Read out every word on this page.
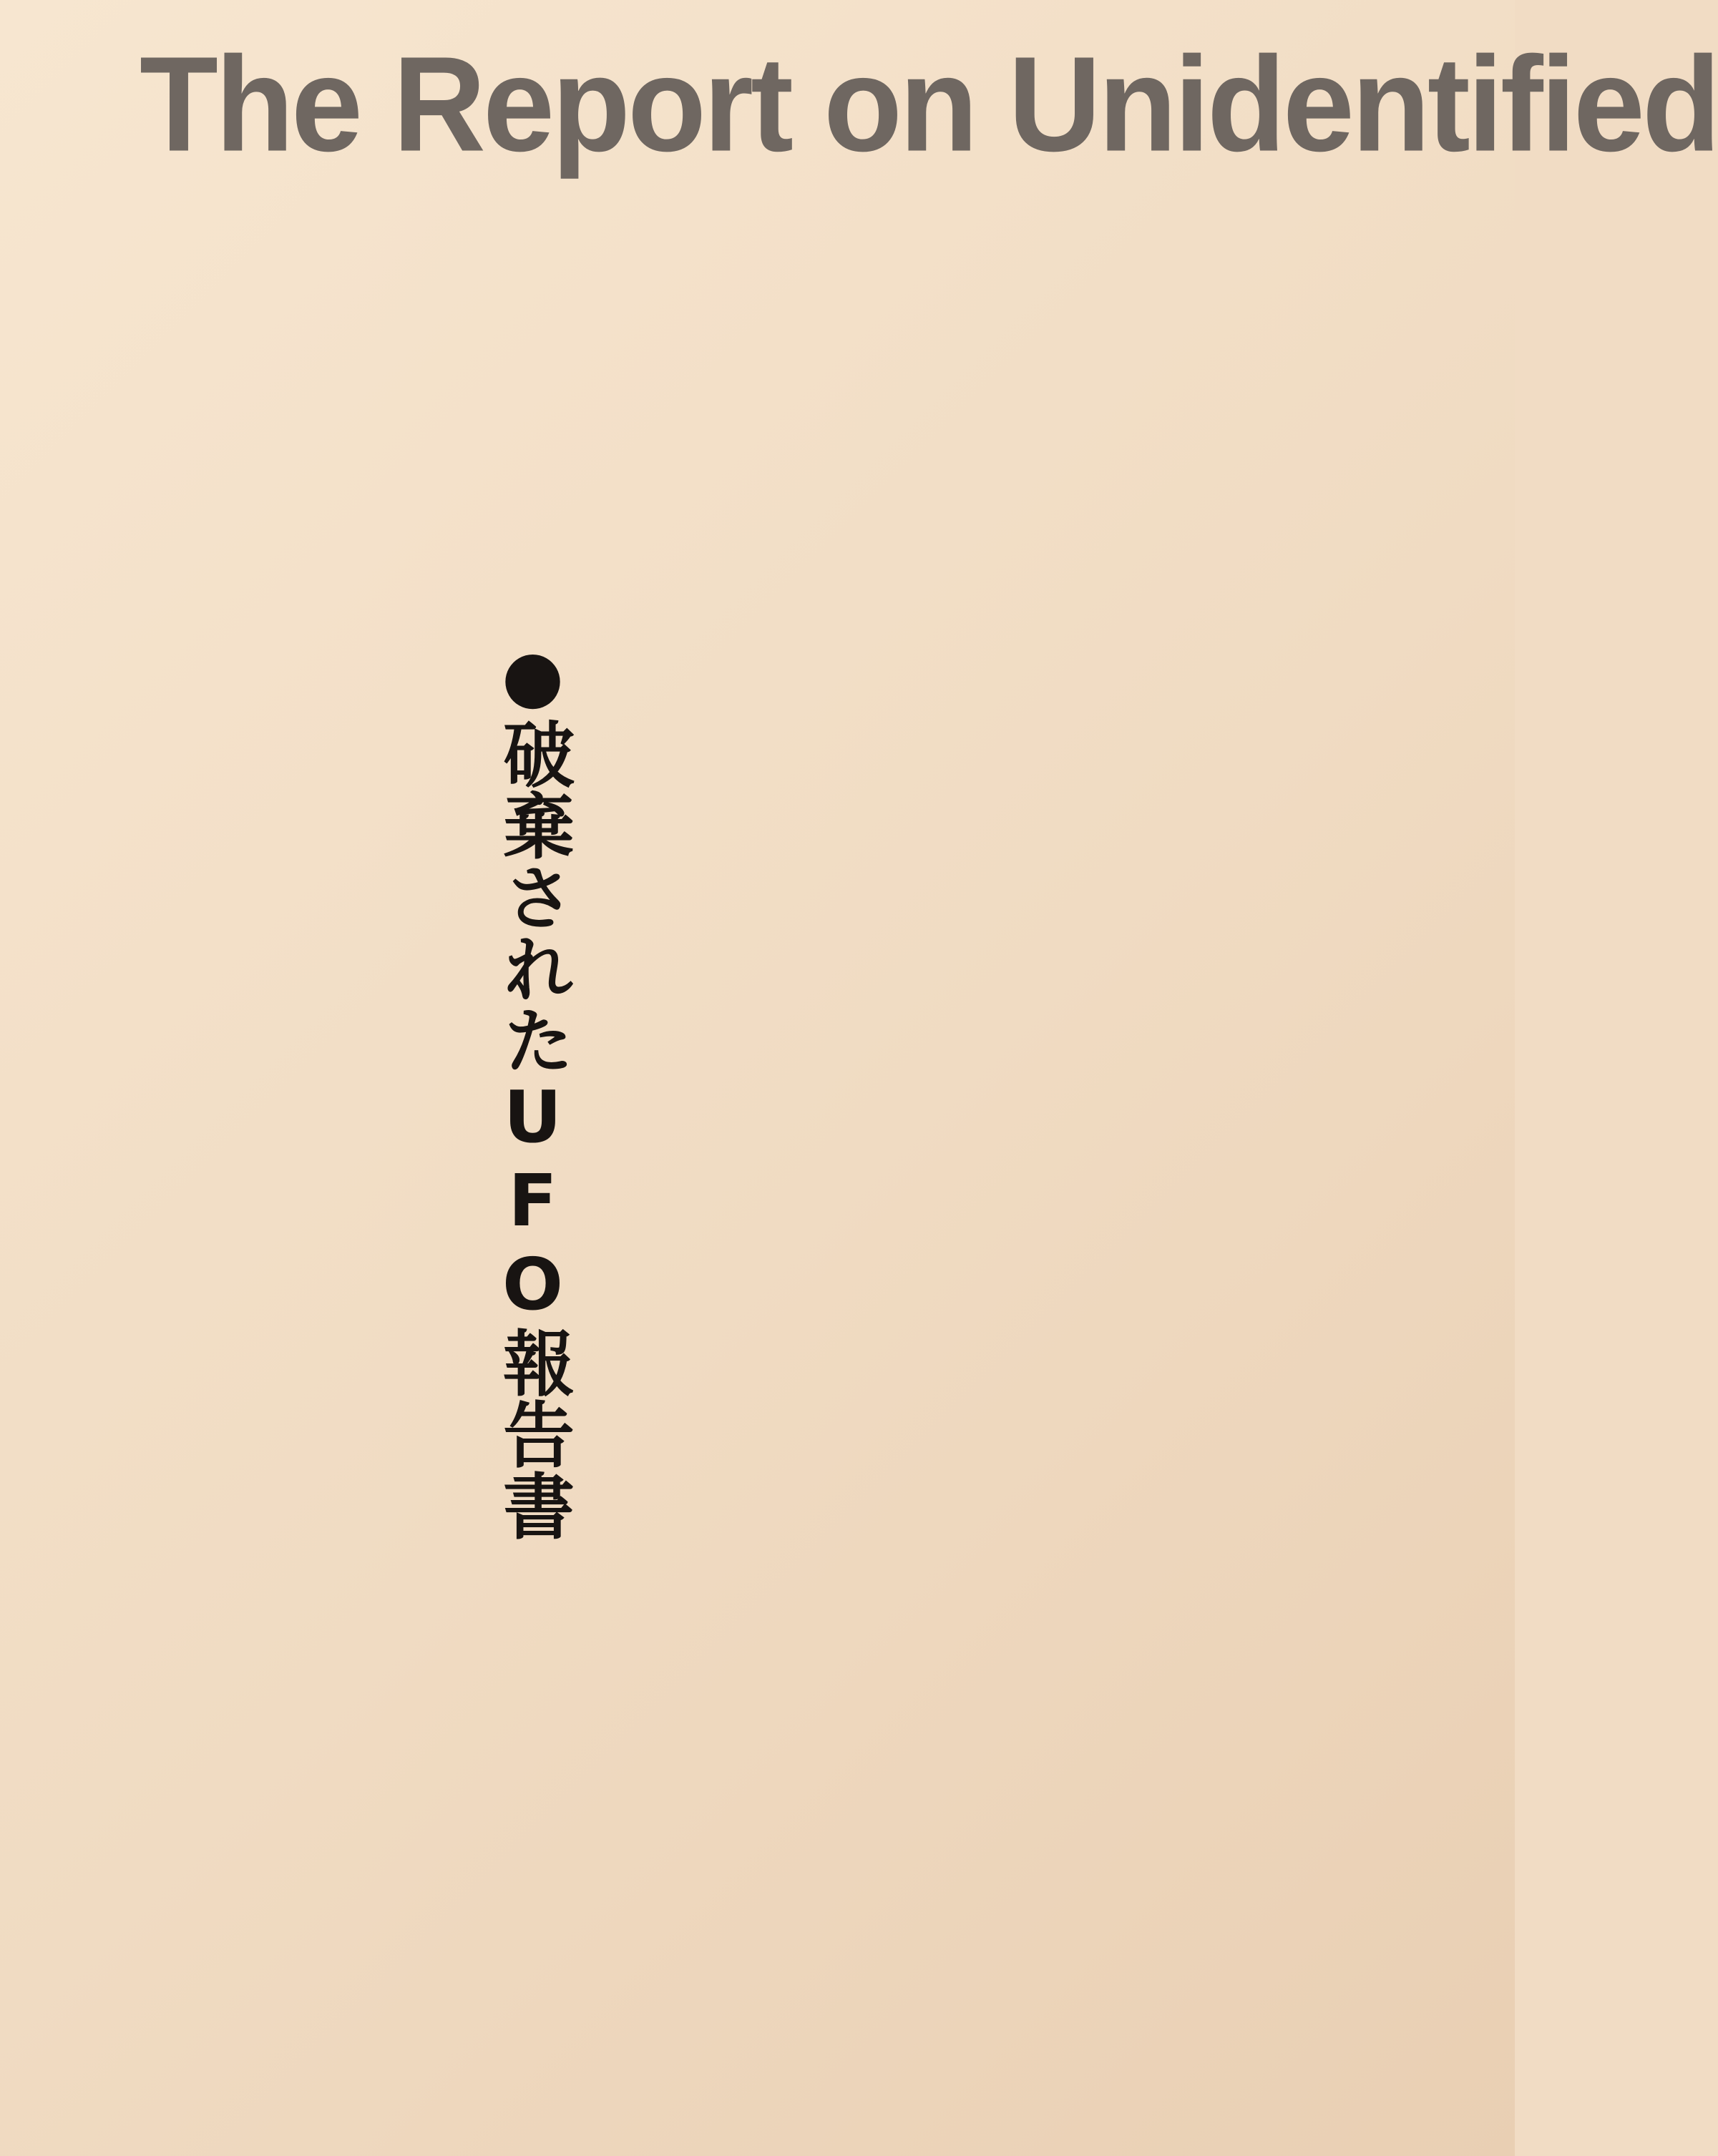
The Report on Unidentified
●破棄されたUFO報告書
